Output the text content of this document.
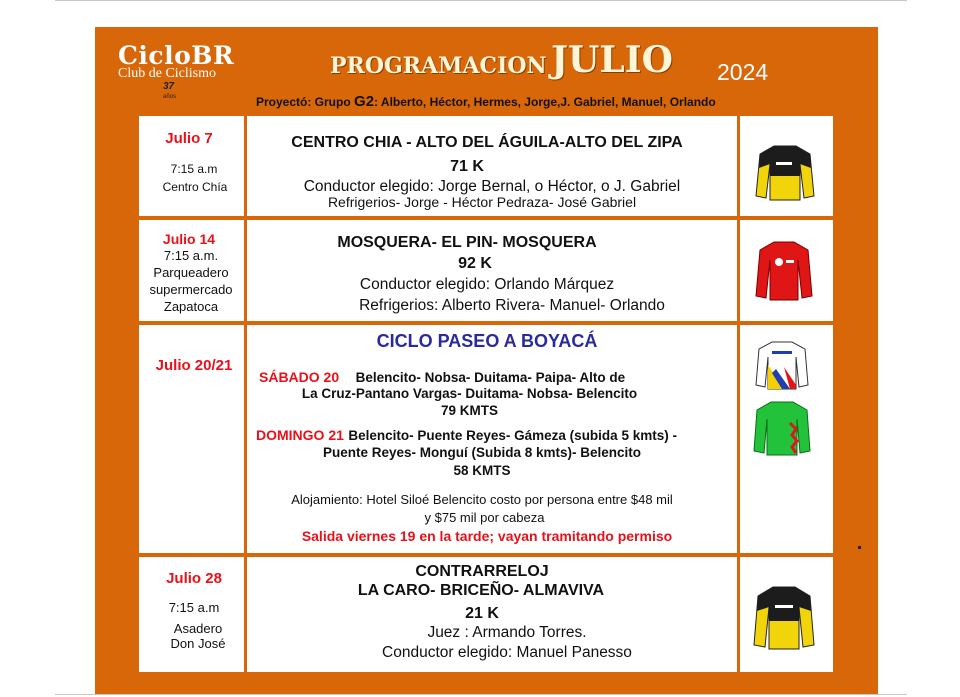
CicloBR
Club de Ciclismo
37
años
PROGRAMACION JULIO 2024
Proyectó: Grupo G2: Alberto, Héctor, Hermes, Jorge,J. Gabriel, Manuel, Orlando
Julio 7
7:15 a.m
Centro Chía
CENTRO CHIA - ALTO DEL ÁGUILA-ALTO DEL ZIPA
71 K
Conductor elegido: Jorge Bernal, o Héctor, o J. Gabriel
Refrigerios- Jorge - Héctor Pedraza- José Gabriel
Julio 14
7:15 a.m.
Parqueadero
supermercado
Zapatoca
MOSQUERA- EL PIN- MOSQUERA
92 K
Conductor elegido: Orlando Márquez
Refrigerios: Alberto Rivera- Manuel- Orlando
Julio 20/21
CICLO PASEO A BOYACÁ
SÁBADO 20 Belencito- Nobsa- Duitama- Paipa- Alto de
La Cruz-Pantano Vargas- Duitama- Nobsa- Belencito
79 KMTS
DOMINGO 21 Belencito- Puente Reyes- Gámeza (subida 5 kmts) -
Puente Reyes- Monguí (Subida 8 kmts)- Belencito
58 KMTS
Alojamiento: Hotel Siloé Belencito costo por persona entre $48 mil
y $75 mil por cabeza
Salida viernes 19 en la tarde; vayan tramitando permiso
Julio 28
7:15 a.m
Asadero
Don José
CONTRARRELOJ
LA CARO- BRICEÑO- ALMAVIVA
21 K
Juez : Armando Torres.
Conductor elegido: Manuel Panesso
